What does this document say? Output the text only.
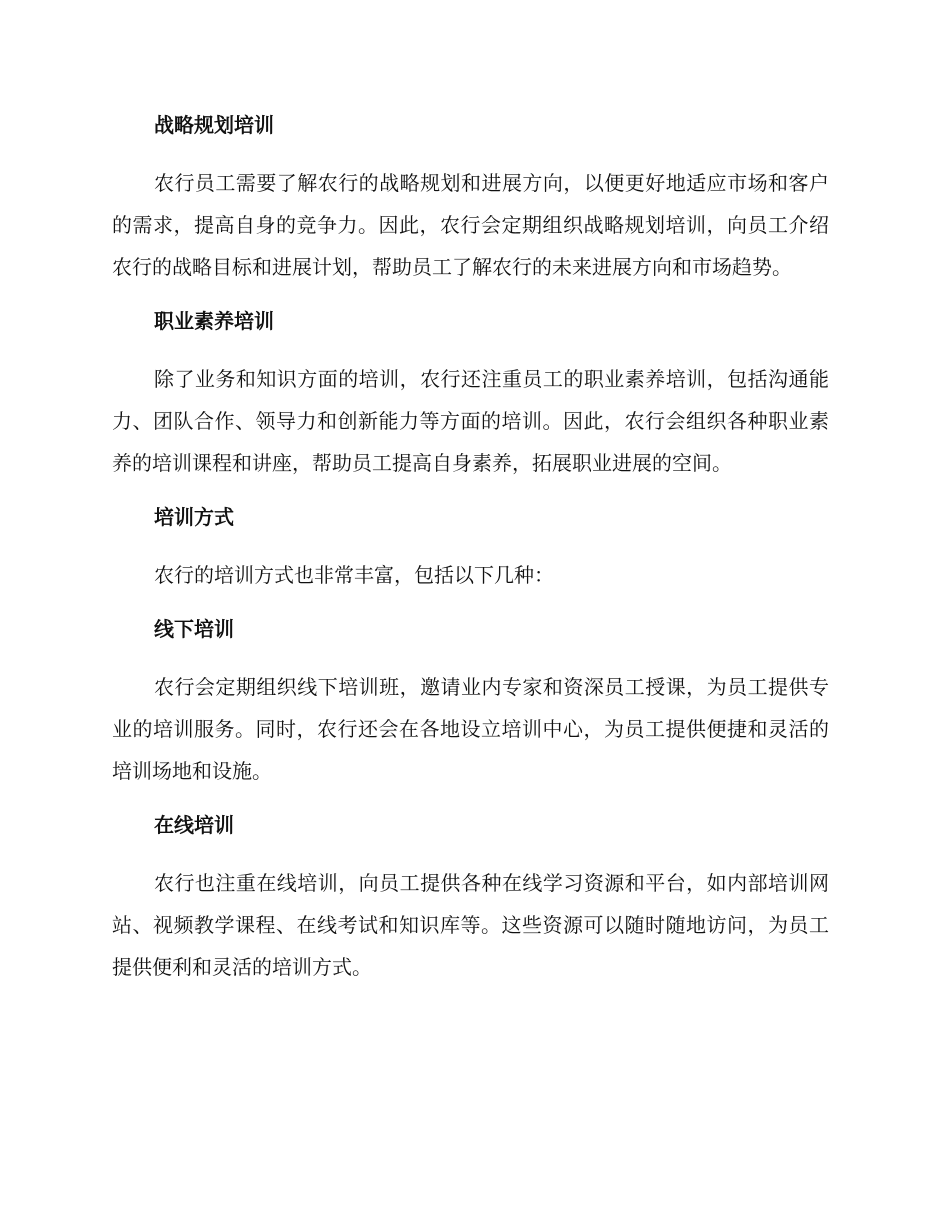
战略规划培训

农行员工需要了解农行的战略规划和进展方向，以便更好地适应市场和客户的需求，提高自身的竞争力。因此，农行会定期组织战略规划培训，向员工介绍农行的战略目标和进展计划，帮助员工了解农行的未来进展方向和市场趋势。

职业素养培训

除了业务和知识方面的培训，农行还注重员工的职业素养培训，包括沟通能力、团队合作、领导力和创新能力等方面的培训。因此，农行会组织各种职业素养的培训课程和讲座，帮助员工提高自身素养，拓展职业进展的空间。

培训方式

农行的培训方式也非常丰富，包括以下几种：

线下培训

农行会定期组织线下培训班，邀请业内专家和资深员工授课，为员工提供专业的培训服务。同时，农行还会在各地设立培训中心，为员工提供便捷和灵活的培训场地和设施。

在线培训

农行也注重在线培训，向员工提供各种在线学习资源和平台，如内部培训网站、视频教学课程、在线考试和知识库等。这些资源可以随时随地访问，为员工提供便利和灵活的培训方式。
